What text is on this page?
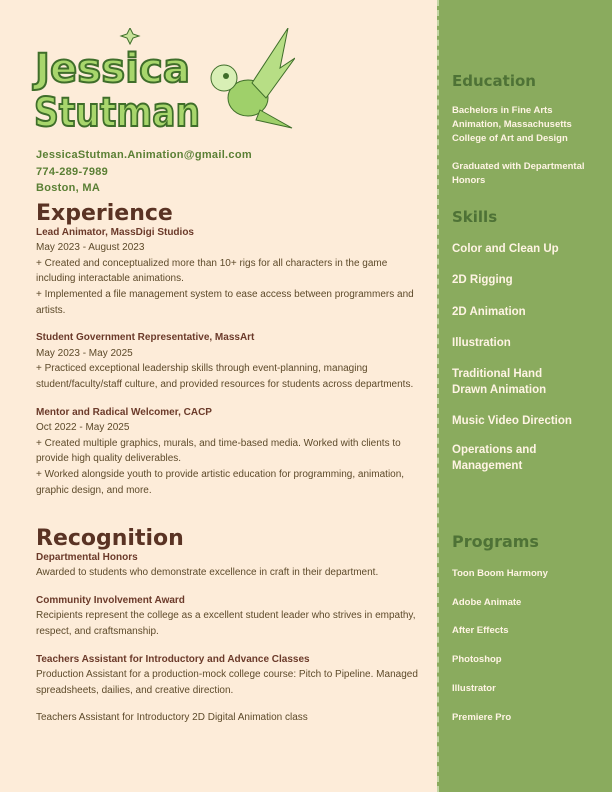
Jessica
Stutman
JessicaStutman.Animation@gmail.com
774-289-7989
Boston, MA
Experience
Lead Animator, MassDigi Studios
May 2023 - August 2023
+ Created and conceptualized more than 10+ rigs for all characters in the game including interactable animations.
+ Implemented a file management system to ease access between programmers and artists.
Student Government Representative, MassArt
May 2023 - May 2025
+ Practiced exceptional leadership skills through event-planning, managing student/faculty/staff culture, and provided resources for students across departments.
Mentor and Radical Welcomer, CACP
Oct 2022 - May 2025
+ Created multiple graphics, murals, and time-based media. Worked with clients to provide high quality deliverables.
+ Worked alongside youth to provide artistic education for programming, animation, graphic design, and more.
Recognition
Departmental Honors
Awarded to students who demonstrate excellence in craft in their department.
Community Involvement Award
Recipients represent the college as a excellent student leader who strives in empathy, respect, and craftsmanship.
Teachers Assistant for Introductory and Advance Classes
Production Assistant for a production-mock college course: Pitch to Pipeline. Managed spreadsheets, dailies, and creative direction.
Teachers Assistant for Introductory 2D Digital Animation class
Education
Bachelors in Fine Arts Animation, Massachusetts College of Art and Design
Graduated with Departmental Honors
Skills
Color and Clean Up
2D Rigging
2D Animation
Illustration
Traditional Hand Drawn Animation
Music Video Direction
Operations and Management
Programs
Toon Boom Harmony
Adobe Animate
After Effects
Photoshop
Illustrator
Premiere Pro
